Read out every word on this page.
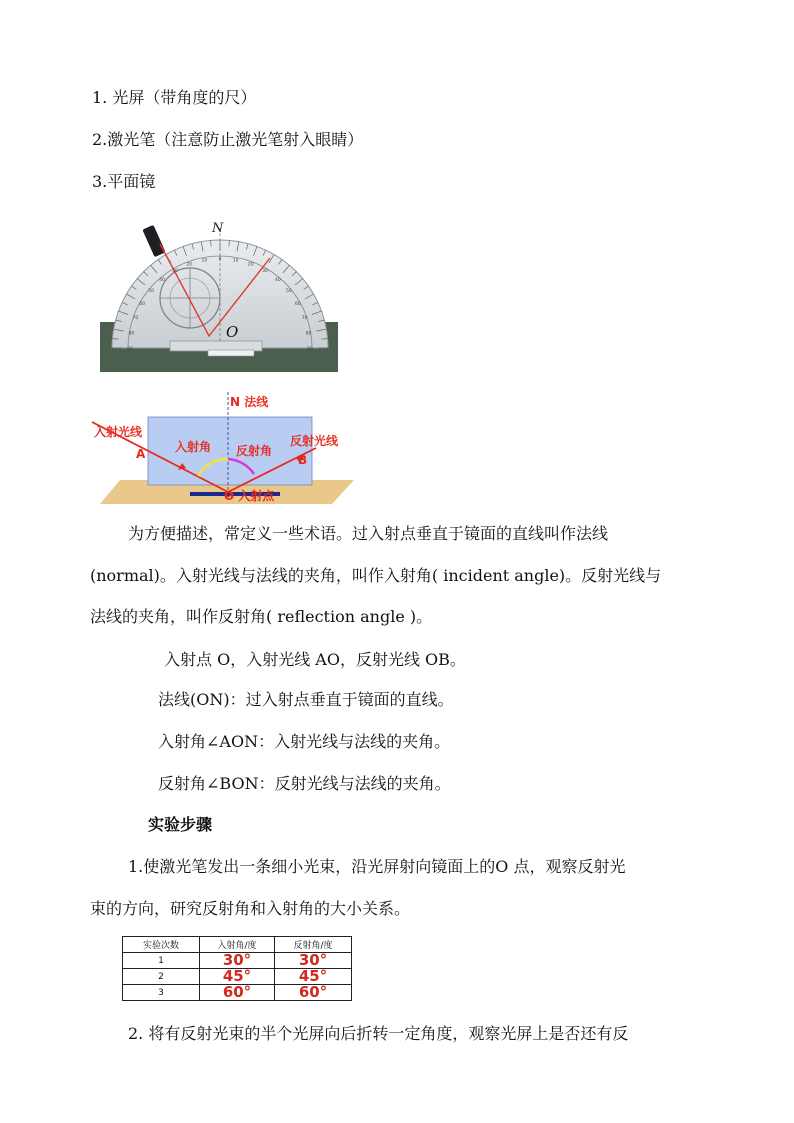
1. 光屏（带角度的尺）
2.激光笔（注意防止激光笔射入眼睛）
3.平面镜
N
O
90
80
70
60
50
40
30
20
10	0	10
20
30
40
50
60
70
80
90
N 法线
入射光线
A 入射角 反射角
反射光线
B
O 入射点
为方便描述，常定义一些术语。过入射点垂直于镜面的直线叫作法线
(normal)。入射光线与法线的夹角，叫作入射角( incident angle)。反射光线与
法线的夹角，叫作反射角( reflection angle )。
入射点 O，入射光线 AO，反射光线 OB。
法线(ON)：过入射点垂直于镜面的直线。
入射角∠AON：入射光线与法线的夹角。
反射角∠BON：反射光线与法线的夹角。
实验步骤
1.使激光笔发出一条细小光束，沿光屏射向镜面上的O 点，观察反射光
束的方向，研究反射角和入射角的大小关系。
实验次数	入射角/度	反射角/度
1	30°	30°
2	45°	45°
3	60°	60°
2. 将有反射光束的半个光屏向后折转一定角度，观察光屏上是否还有反
